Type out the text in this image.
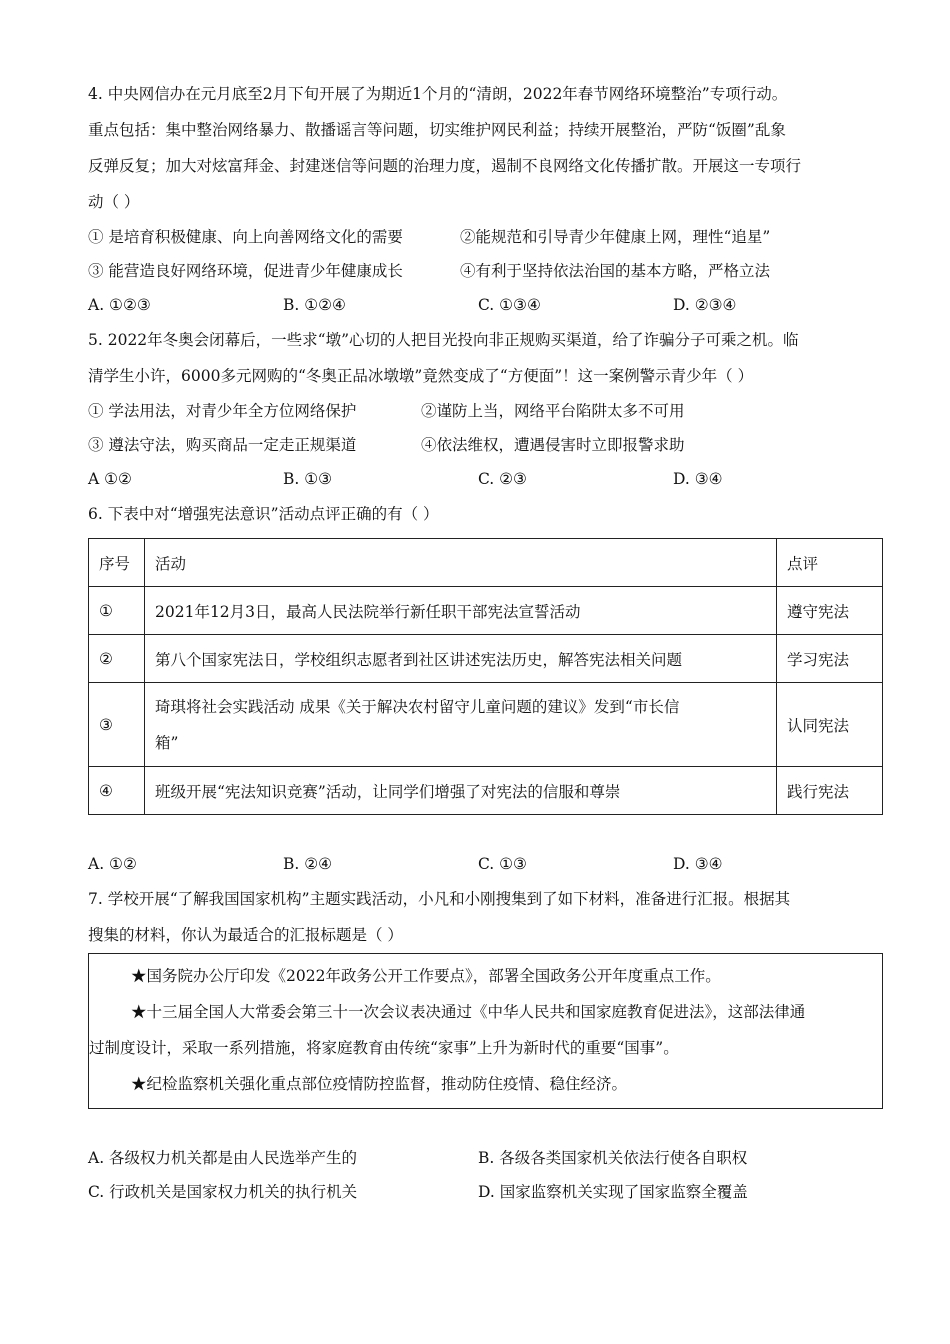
4. 中央网信办在元月底至2月下旬开展了为期近1个月的“清朗，2022年春节网络环境整治”专项行动。
重点包括：集中整治网络暴力、散播谣言等问题，切实维护网民利益；持续开展整治，严防“饭圈”乱象
反弹反复；加大对炫富拜金、封建迷信等问题的治理力度，遏制不良网络文化传播扩散。开展这一专项行
动（ ）
① 是培育积极健康、向上向善网络文化的需要	②能规范和引导青少年健康上网，理性“追星”
③ 能营造良好网络环境，促进青少年健康成长	④有利于坚持依法治国的基本方略，严格立法
A. ①②③	B. ①②④	C. ①③④	D. ②③④
5. 2022年冬奥会闭幕后，一些求“墩”心切的人把目光投向非正规购买渠道，给了诈骗分子可乘之机。临
清学生小许，6000多元网购的“冬奥正品冰墩墩”竟然变成了“方便面”！这一案例警示青少年（ ）
① 学法用法，对青少年全方位网络保护	②谨防上当，网络平台陷阱太多不可用
③ 遵法守法，购买商品一定走正规渠道	④依法维权，遭遇侵害时立即报警求助
A ①②	B. ①③	C. ②③	D. ③④
6. 下表中对“增强宪法意识”活动点评正确的有（ ）
序号	活动	点评
①	2021年12月3日，最高人民法院举行新任职干部宪法宣誓活动	遵守宪法
②	第八个国家宪法日，学校组织志愿者到社区讲述宪法历史，解答宪法相关问题	学习宪法
③	琦琪将社会实践活动 成果《关于解决农村留守儿童问题的建议》发到“市长信
箱”	认同宪法
④	班级开展“宪法知识竞赛”活动，让同学们增强了对宪法的信服和尊崇	践行宪法
A. ①②	B. ②④	C. ①③	D. ③④
7. 学校开展“了解我国国家机构”主题实践活动，小凡和小刚搜集到了如下材料，准备进行汇报。根据其
搜集的材料，你认为最适合的汇报标题是（ ）
★国务院办公厅印发《2022年政务公开工作要点》，部署全国政务公开年度重点工作。
★十三届全国人大常委会第三十一次会议表决通过《中华人民共和国家庭教育促进法》，这部法律通
过制度设计，采取一系列措施，将家庭教育由传统“家事”上升为新时代的重要“国事”。
★纪检监察机关强化重点部位疫情防控监督，推动防住疫情、稳住经济。
A. 各级权力机关都是由人民选举产生的	B. 各级各类国家机关依法行使各自职权
C. 行政机关是国家权力机关的执行机关	D. 国家监察机关实现了国家监察全覆盖
